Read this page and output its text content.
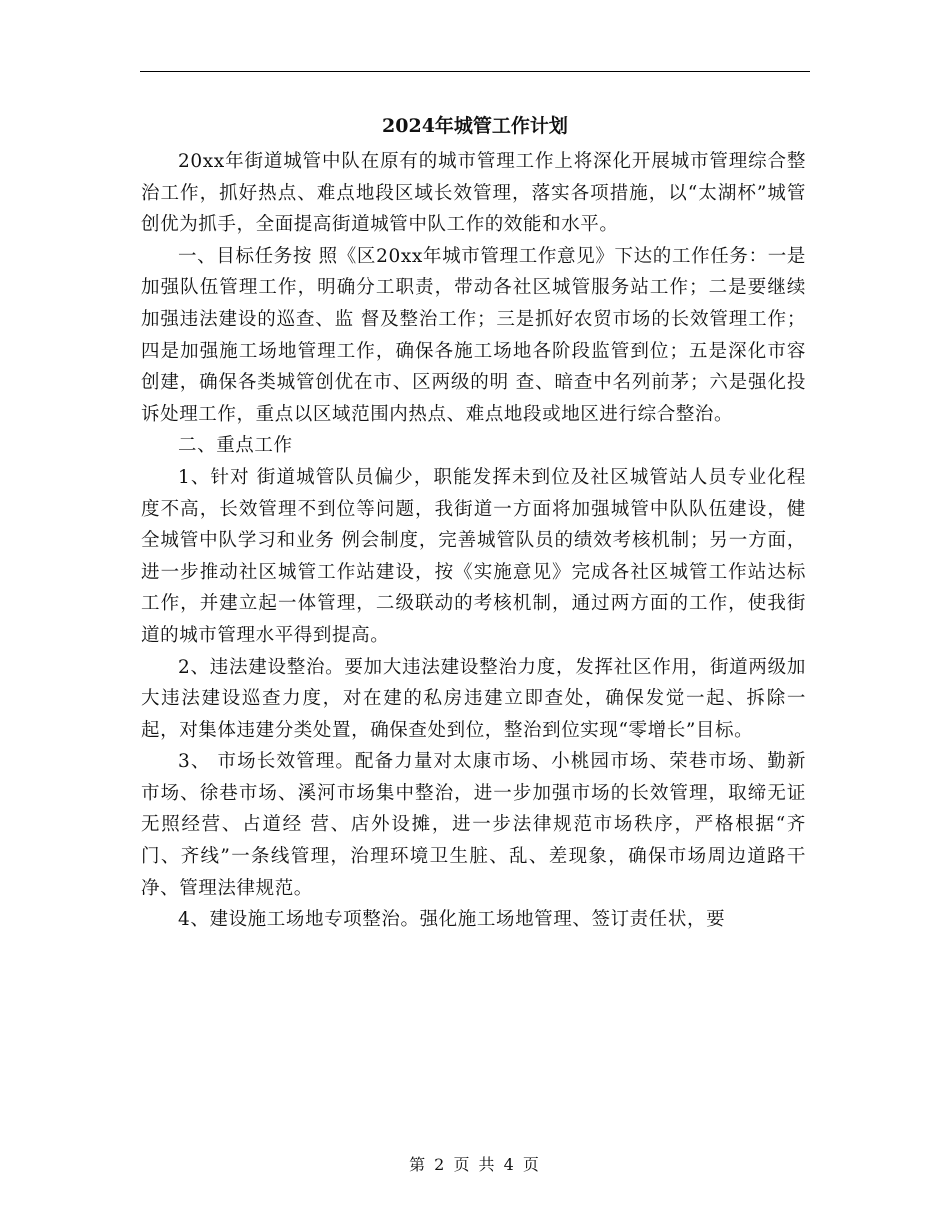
2024年城管工作计划

20xx年街道城管中队在原有的城市管理工作上将深化开展城市管理综合整治工作，抓好热点、难点地段区域长效管理，落实各项措施，以“太湖杯”城管创优为抓手，全面提高街道城管中队工作的效能和水平。

一、目标任务按 照《区20xx年城市管理工作意见》下达的工作任务：一是加强队伍管理工作，明确分工职责，带动各社区城管服务站工作；二是要继续加强违法建设的巡查、监 督及整治工作；三是抓好农贸市场的长效管理工作；四是加强施工场地管理工作，确保各施工场地各阶段监管到位；五是深化市容创建，确保各类城管创优在市、区两级的明 查、暗查中名列前茅；六是强化投诉处理工作，重点以区域范围内热点、难点地段或地区进行综合整治。

二、重点工作

1、针对 街道城管队员偏少，职能发挥未到位及社区城管站人员专业化程度不高，长效管理不到位等问题，我街道一方面将加强城管中队队伍建设，健全城管中队学习和业务 例会制度，完善城管队员的绩效考核机制；另一方面，进一步推动社区城管工作站建设，按《实施意见》完成各社区城管工作站达标工作，并建立起一体管理，二级联动的考核机制，通过两方面的工作，使我街道的城市管理水平得到提高。

2、违法建设整治。要加大违法建设整治力度，发挥社区作用，街道两级加大违法建设巡查力度，对在建的私房违建立即查处，确保发觉一起、拆除一起，对集体违建分类处置，确保查处到位，整治到位实现“零增长”目标。

3、 市场长效管理。配备力量对太康市场、小桃园市场、荣巷市场、勤新市场、徐巷市场、溪河市场集中整治，进一步加强市场的长效管理，取缔无证无照经营、占道经 营、店外设摊，进一步法律规范市场秩序，严格根据“齐门、齐线”一条线管理，治理环境卫生脏、乱、差现象，确保市场周边道路干净、管理法律规范。

4、建设施工场地专项整治。强化施工场地管理、签订责任状，要

第 2 页 共 4 页
